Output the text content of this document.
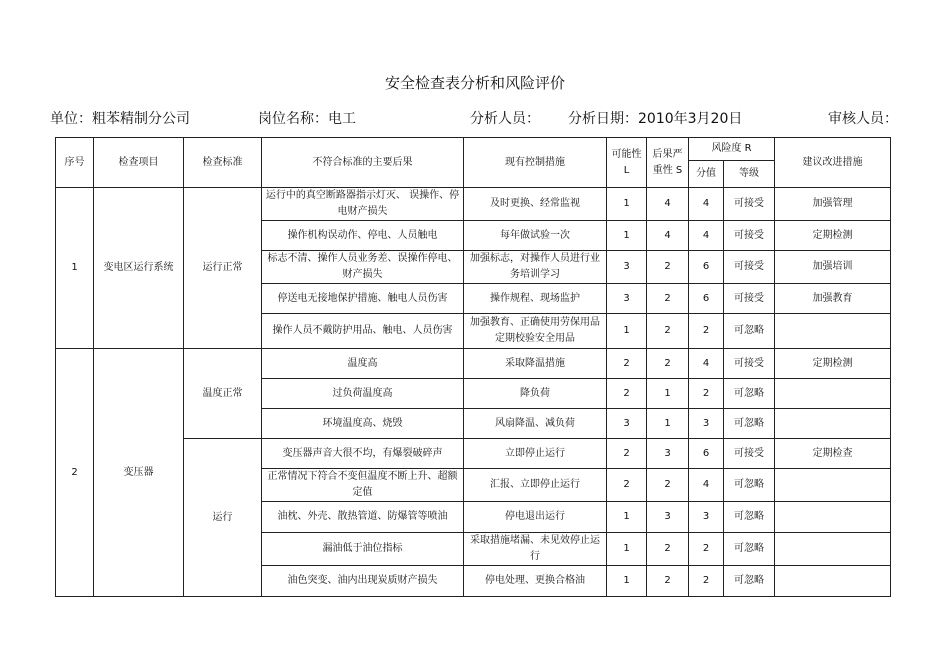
安全检查表分析和风险评价
单位：粗苯精制分公司	岗位名称：电工	分析人员： 分析日期：2010年3月20日	审核人员：
序号	检查项目	检查标准	不符合标准的主要后果	现有控制措施	可能性 L	后果严重性 S	风险度 R		建议改进措施
							分值	等级	
1	变电区运行系统	运行正常	运行中的真空断路器指示灯灭、 误操作、停电财产损失	及时更换、经常监视	1	4	4	可接受	加强管理
			操作机构误动作、停电、人员触电	每年做试验一次	1	4	4	可接受	定期检测
			标志不清、操作人员业务差、误操作停电、财产损失	加强标志，对操作人员进行业务培训学习	3	2	6	可接受	加强培训
			停送电无接地保护措施、触电人员伤害	操作规程、现场监护	3	2	6	可接受	加强教育
			操作人员不戴防护用品、触电、人员伤害	加强教育、正确使用劳保用品定期校验安全用品	1	2	2	可忽略	
2	变压器	温度正常	温度高	采取降温措施	2	2	4	可接受	定期检测
			过负荷温度高	降负荷	2	1	2	可忽略	
			环境温度高、烧毁	风扇降温、减负荷	3	1	3	可忽略	
		运行	变压器声音大很不均，有爆裂破碎声	立即停止运行	2	3	6	可接受	定期检查
			正常情况下符合不变但温度不断上升、超额定值	汇报、立即停止运行	2	2	4	可忽略	
			油枕、外壳、散热管道、防爆管等喷油	停电退出运行	1	3	3	可忽略	
			漏油低于油位指标	采取措施堵漏、未见效停止运行	1	2	2	可忽略	
			油色突变、油内出现炭质财产损失	停电处理、更换合格油	1	2	2	可忽略	
